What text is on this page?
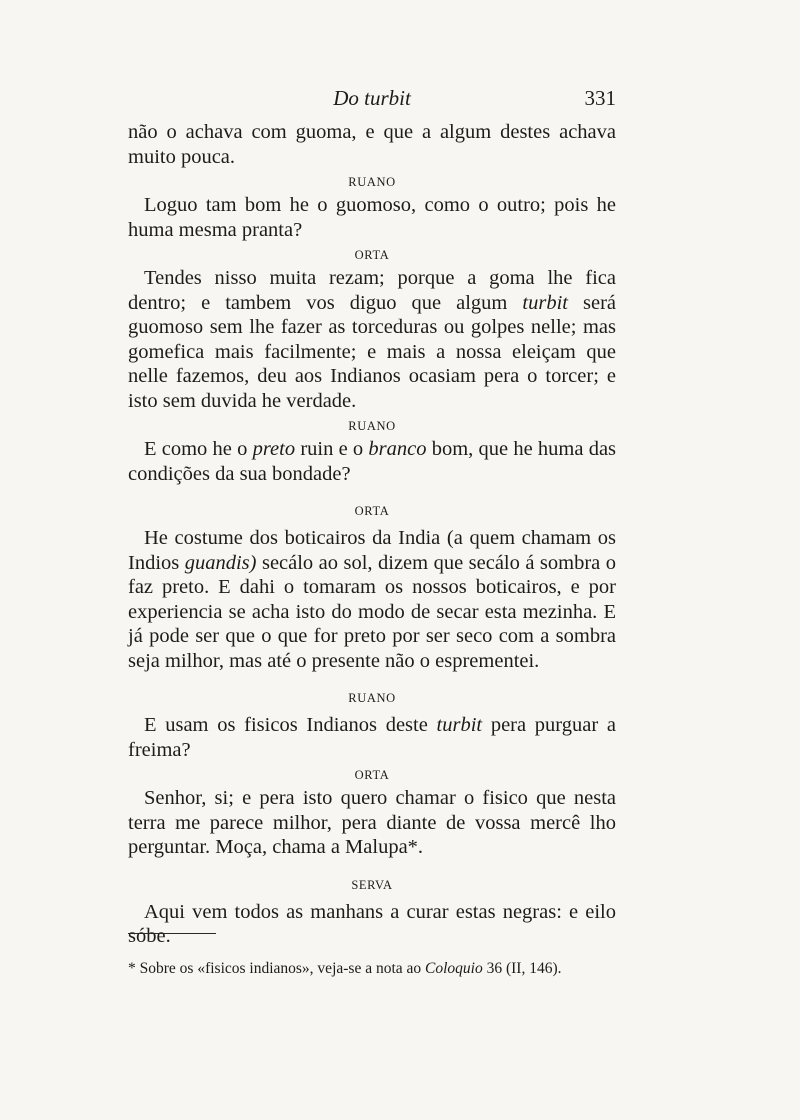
Do turbit	331

não o achava com guoma, e que a algum destes achava muito pouca.

RUANO

Loguo tam bom he o guomoso, como o outro; pois he huma mesma pranta?

ORTA

Tendes nisso muita rezam; porque a goma lhe fica dentro; e tambem vos diguo que algum turbit será guomoso sem lhe fazer as torceduras ou golpes nelle; mas gomefica mais facilmente; e mais a nossa eleiçam que nelle fazemos, deu aos Indianos ocasiam pera o torcer; e isto sem duvida he verdade.

RUANO

E como he o preto ruin e o branco bom, que he huma das condições da sua bondade?

ORTA

He costume dos boticairos da India (a quem chamam os Indios guandis) secálo ao sol, dizem que secálo á sombra o faz preto. E dahi o tomaram os nossos boticairos, e por experiencia se acha isto do modo de secar esta mezinha. E já pode ser que o que for preto por ser seco com a sombra seja milhor, mas até o presente não o esprementei.

RUANO

E usam os fisicos Indianos deste turbit pera purguar a freima?

ORTA

Senhor, si; e pera isto quero chamar o fisico que nesta terra me parece milhor, pera diante de vossa mercê lho perguntar. Moça, chama a Malupa*.

SERVA

Aqui vem todos as manhans a curar estas negras: e eilo sóbe.

* Sobre os «fisicos indianos», veja-se a nota ao Coloquio 36 (II, 146).
